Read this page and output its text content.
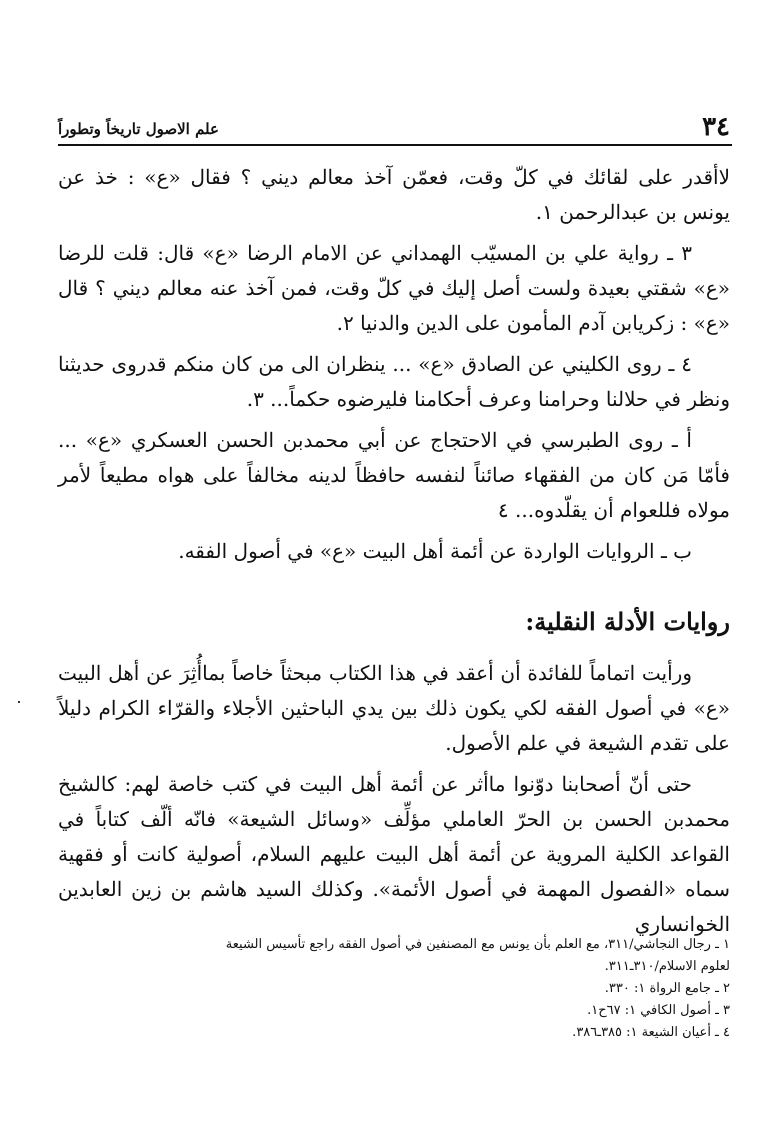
٣٤
علم الاصول تاريخاً وتطوراً

لاأقدر على لقائك في كلّ وقت، فعمّن آخذ معالم ديني ؟ فقال «ع» : خذ عن يونس بن عبدالرحمن ١.

٣ ـ رواية علي بن المسيّب الهمداني عن الامام الرضا «ع» قال: قلت للرضا «ع» شقتي بعيدة ولست أصل إليك في كلّ وقت، فمن آخذ عنه معالم ديني ؟ قال «ع» : زكريابن آدم المأمون على الدين والدنيا ٢.

٤ ـ روى الكليني عن الصادق «ع» ... ينظران الى من كان منكم قدروى حديثنا ونظر في حلالنا وحرامنا وعرف أحكامنا فليرضوه حكماً... ٣.

أ ـ روى الطبرسي في الاحتجاج عن أبي محمدبن الحسن العسكري «ع» ... فأمّا مَن كان من الفقهاء صائناً لنفسه حافظاً لدينه مخالفاً على هواه مطيعاً لأمر مولاه فللعوام أن يقلّدوه... ٤

ب ـ الروايات الواردة عن أئمة أهل البيت «ع» في أصول الفقه.

روايات الأدلة النقلية:

ورأيت اتماماً للفائدة أن أعقد في هذا الكتاب مبحثاً خاصاً بماأُثِرَ عن أهل البيت «ع» في أصول الفقه لكي يكون ذلك بين يدي الباحثين الأجلاء والقرّاء الكرام دليلاً على تقدم الشيعة في علم الأصول.

حتى أنّ أصحابنا دوّنوا ماأثر عن أئمة أهل البيت في كتب خاصة لهم: كالشيخ محمدبن الحسن بن الحرّ العاملي مؤلِّف «وسائل الشيعة» فانّه ألّف كتاباً في القواعد الكلية المروية عن أئمة أهل البيت عليهم السلام، أصولية كانت أو فقهية سماه «الفصول المهمة في أصول الأئمة». وكذلك السيد هاشم بن زين العابدين الخوانساري

١ ـ رجال النجاشي/٣١١، مع العلم بأن يونس مع المصنفين في أصول الفقه راجع تأسيس الشيعة لعلوم الاسلام/٣١٠ـ٣١١.

٢ ـ جامع الرواة ١: ٣٣٠.

٣ ـ أصول الكافي ١: ٦٧ح١.

٤ ـ أعيان الشيعة ١: ٣٨٥ـ٣٨٦.
